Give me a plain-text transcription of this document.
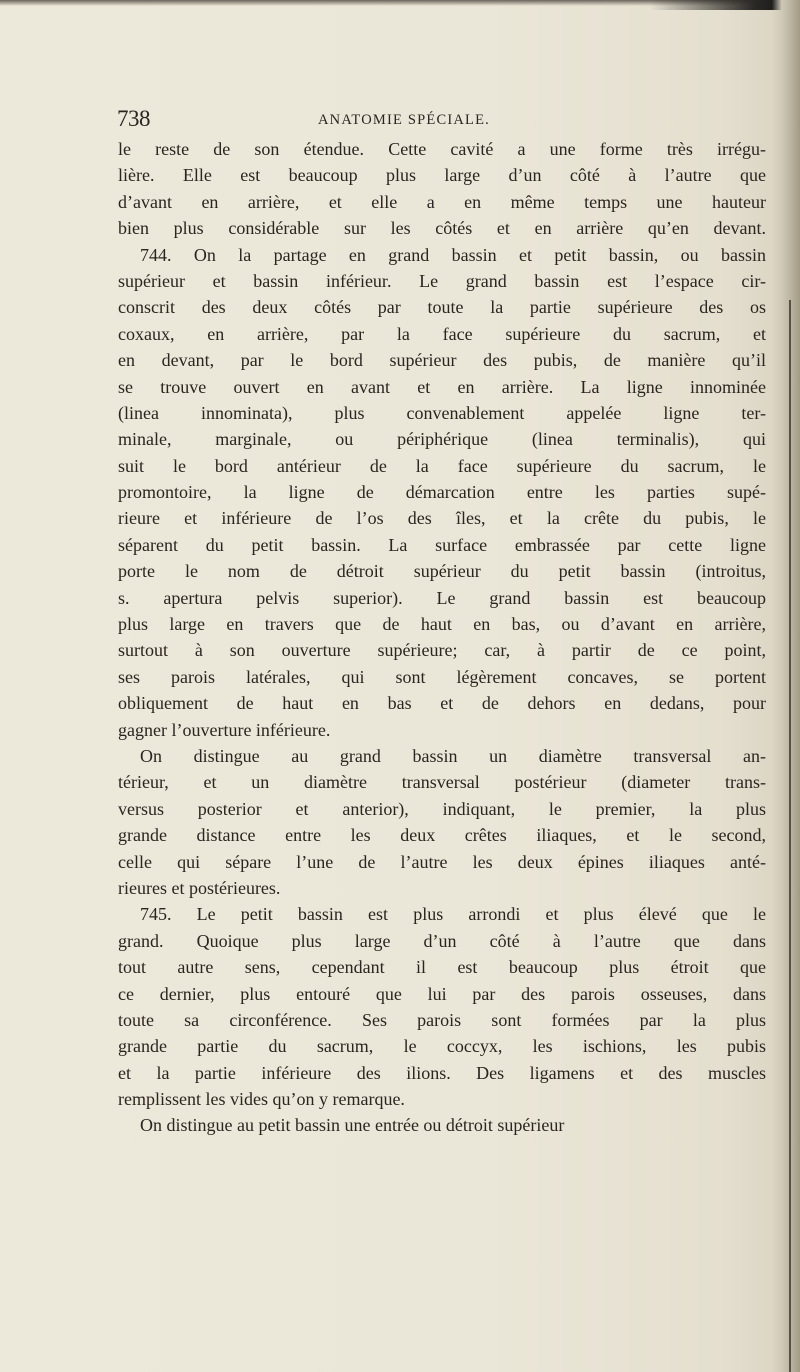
738	ANATOMIE SPÉCIALE.
le reste de son étendue. Cette cavité a une forme très irrégu-
lière. Elle est beaucoup plus large d’un côté à l’autre que
d’avant en arrière, et elle a en même temps une hauteur
bien plus considérable sur les côtés et en arrière qu’en devant.
744. On la partage en grand bassin et petit bassin, ou bassin
supérieur et bassin inférieur. Le grand bassin est l’espace cir-
conscrit des deux côtés par toute la partie supérieure des os
coxaux, en arrière, par la face supérieure du sacrum, et
en devant, par le bord supérieur des pubis, de manière qu’il
se trouve ouvert en avant et en arrière. La ligne innominée
(linea innominata), plus convenablement appelée ligne ter-
minale, marginale, ou périphérique (linea terminalis), qui
suit le bord antérieur de la face supérieure du sacrum, le
promontoire, la ligne de démarcation entre les parties supé-
rieure et inférieure de l’os des îles, et la crête du pubis, le
séparent du petit bassin. La surface embrassée par cette ligne
porte le nom de détroit supérieur du petit bassin (introitus,
s. apertura pelvis superior). Le grand bassin est beaucoup
plus large en travers que de haut en bas, ou d’avant en arrière,
surtout à son ouverture supérieure; car, à partir de ce point,
ses parois latérales, qui sont légèrement concaves, se portent
obliquement de haut en bas et de dehors en dedans, pour
gagner l’ouverture inférieure.
On distingue au grand bassin un diamètre transversal an-
térieur, et un diamètre transversal postérieur (diameter trans-
versus posterior et anterior), indiquant, le premier, la plus
grande distance entre les deux crêtes iliaques, et le second,
celle qui sépare l’une de l’autre les deux épines iliaques anté-
rieures et postérieures.
745. Le petit bassin est plus arrondi et plus élevé que le
grand. Quoique plus large d’un côté à l’autre que dans
tout autre sens, cependant il est beaucoup plus étroit que
ce dernier, plus entouré que lui par des parois osseuses, dans
toute sa circonférence. Ses parois sont formées par la plus
grande partie du sacrum, le coccyx, les ischions, les pubis
et la partie inférieure des ilions. Des ligamens et des muscles
remplissent les vides qu’on y remarque.
On distingue au petit bassin une entrée ou détroit supérieur
